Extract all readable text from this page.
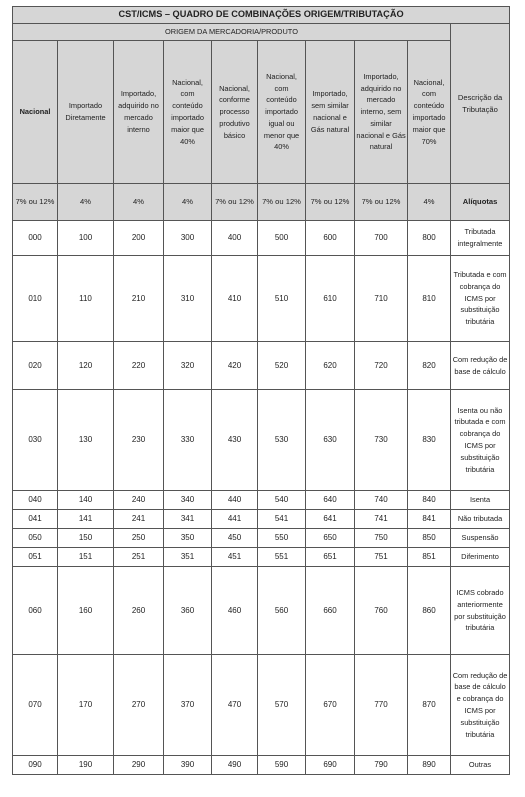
CST/ICMS – QUADRO DE COMBINAÇÕES ORIGEM/TRIBUTAÇÃO									
ORIGEM DA MERCADORIA/PRODUTO									Descrição da Tributação
Nacional	Importado Diretamente	Importado, adquirido no mercado interno	Nacional, com conteúdo importado maior que 40%	Nacional, conforme processo produtivo básico	Nacional, com conteúdo importado igual ou menor que 40%	Importado, sem similar nacional e Gás natural	Importado, adquirido no mercado interno, sem similar nacional e Gás natural	Nacional, com conteúdo importado maior que 70%	
7% ou 12%	4%	4%	4%	7% ou 12%	7% ou 12%	7% ou 12%	7% ou 12%	4%	Alíquotas
000	100	200	300	400	500	600	700	800	Tributada integralmente
010	110	210	310	410	510	610	710	810	Tributada e com cobrança do ICMS por substituição tributária
020	120	220	320	420	520	620	720	820	Com redução de base de cálculo
030	130	230	330	430	530	630	730	830	Isenta ou não tributada e com cobrança do ICMS por substituição tributária
040	140	240	340	440	540	640	740	840	Isenta
041	141	241	341	441	541	641	741	841	Não tributada
050	150	250	350	450	550	650	750	850	Suspensão
051	151	251	351	451	551	651	751	851	Diferimento
060	160	260	360	460	560	660	760	860	ICMS cobrado anteriormente por substituição tributária
070	170	270	370	470	570	670	770	870	Com redução de base de cálculo e cobrança do ICMS por substituição tributária
090	190	290	390	490	590	690	790	890	Outras
